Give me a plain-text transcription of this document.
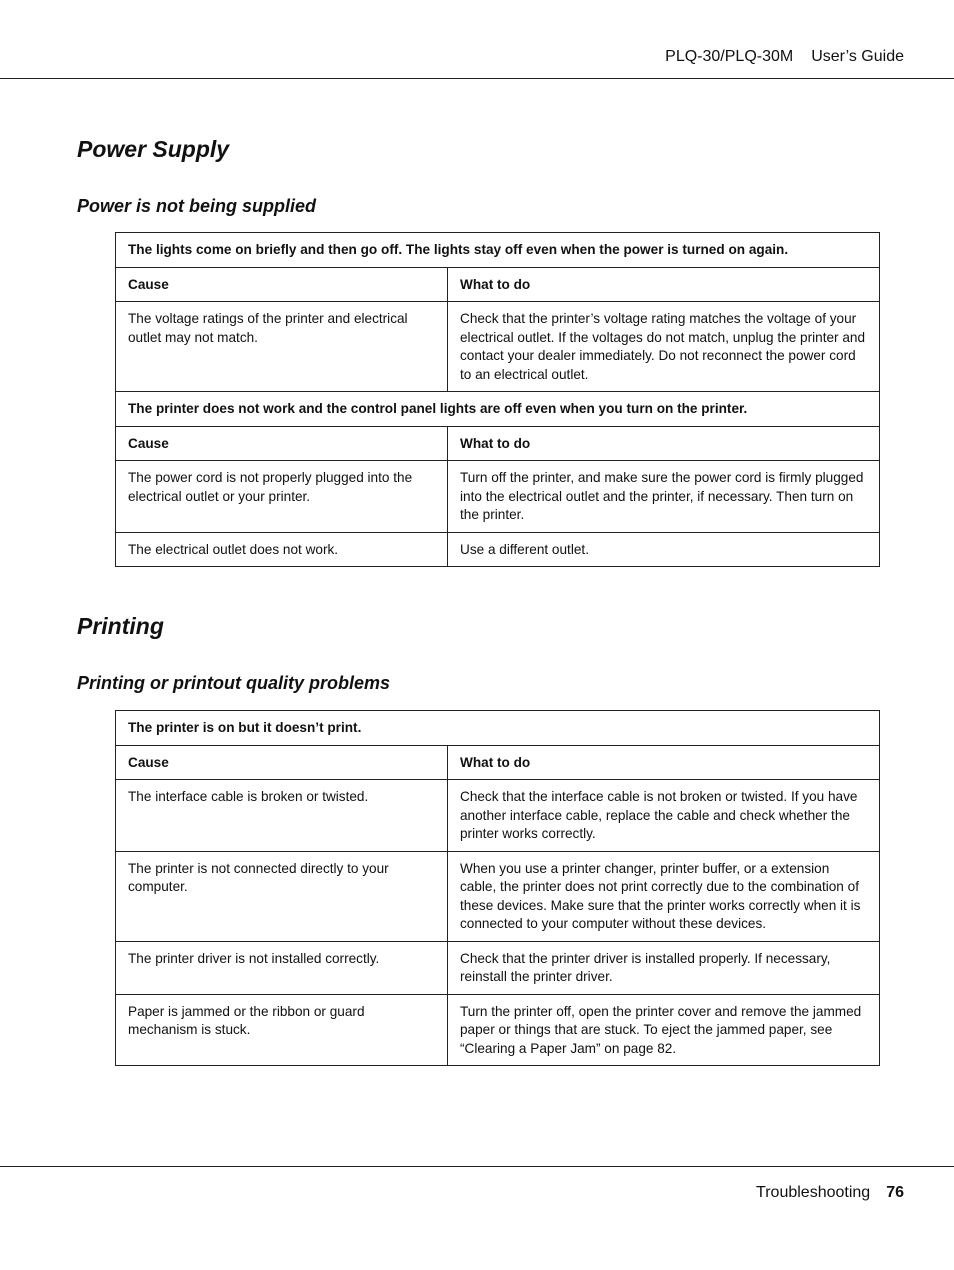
PLQ-30/PLQ-30M User’s Guide
Power Supply
Power is not being supplied
The lights come on briefly and then go off. The lights stay off even when the power is turned on again.	
Cause	What to do
The voltage ratings of the printer and electrical outlet may not match.	Check that the printer’s voltage rating matches the voltage of your electrical outlet. If the voltages do not match, unplug the printer and contact your dealer immediately. Do not reconnect the power cord to an electrical outlet.
The printer does not work and the control panel lights are off even when you turn on the printer.	
Cause	What to do
The power cord is not properly plugged into the electrical outlet or your printer.	Turn off the printer, and make sure the power cord is firmly plugged into the electrical outlet and the printer, if necessary. Then turn on the printer.
The electrical outlet does not work.	Use a different outlet.
Printing
Printing or printout quality problems
The printer is on but it doesn’t print.	
Cause	What to do
The interface cable is broken or twisted.	Check that the interface cable is not broken or twisted. If you have another interface cable, replace the cable and check whether the printer works correctly.
The printer is not connected directly to your computer.	When you use a printer changer, printer buffer, or a extension cable, the printer does not print correctly due to the combination of these devices. Make sure that the printer works correctly when it is connected to your computer without these devices.
The printer driver is not installed correctly.	Check that the printer driver is installed properly. If necessary, reinstall the printer driver.
Paper is jammed or the ribbon or guard mechanism is stuck.	Turn the printer off, open the printer cover and remove the jammed paper or things that are stuck. To eject the jammed paper, see “Clearing a Paper Jam” on page 82.
Troubleshooting 76
